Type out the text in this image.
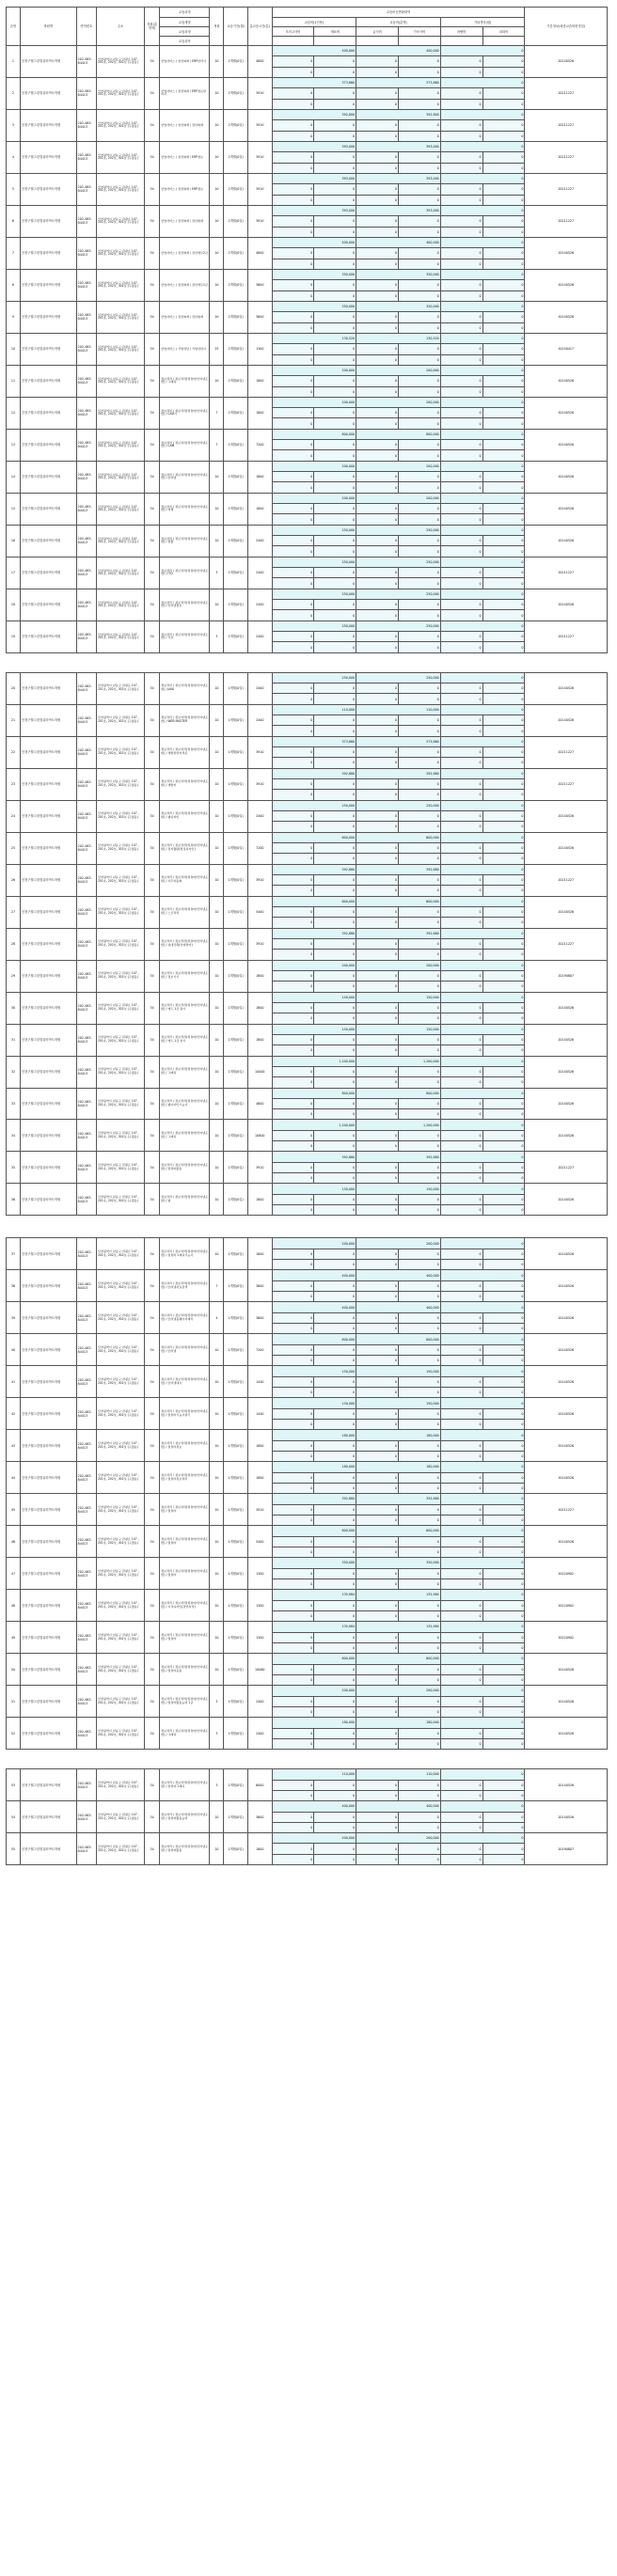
순번	학원명	면허번호	주소	정원(총면적)	교습과정	정원	교습기간(월)	총교습시간(분)	교습비등반환내역						기본정보(최종교습비변경일)
					교습계열				교습비(1인당)		교습비(총액)		기타경비(원)		
					교습과정				모의고사비	재료비	급식비	기숙사비	차량비	피복비	
					교습과목										
1	인천구월그린컴퓨터아트학원	202-463-84413	인천광역시 남동구 관평로 147 , 201호, 202호, 302호 (구월동)	34	산업서비스 / 전산회계 / ERP관리사	10	1개월(0일)	4800	400,000		400,000		0		20140526
									0	0	0	0	0	0	
									0	0	0	0	0	0	
2	인천구월그린컴퓨터아트학원	202-463-84413	인천광역시 남동구 관평로 147 , 201호, 202호, 302호 (구월동)	34	산업서비스 / 전산회계 / ERP정보관리사	10	1개월(0일)	3910	373,860		373,860		0		20211227
									0	0	0	0	0	0	
									0	0	0	0	0	0	
3	인천구월그린컴퓨터아트학원	202-463-84413	인천광역시 남동구 관평로 147 , 201호, 202호, 302호 (구월동)	34	산업서비스 / 전산회계 / 전산회계	10	1개월(0일)	3910	392,800		392,800		0		20211227
									0	0	0	0	0	0	
									0	0	0	0	0	0	
4	인천구월그린컴퓨터아트학원	202-463-84413	인천광역시 남동구 관평로 147 , 201호, 202호, 302호 (구월동)	34	산업서비스 / 전산회계 / ERP정보	10	1개월(0일)	3910	393,000		393,000		0		20211227
									0	0	0	0	0	0	
									0	0	0	0	0	0	
5	인천구월그린컴퓨터아트학원	202-463-84413	인천광역시 남동구 관평로 147 , 201호, 202호, 302호 (구월동)	34	산업서비스 / 전산회계 / ERP정보	10	1개월(0일)	3910	393,000		393,000		0		20211227
									0	0	0	0	0	0	
									0	0	0	0	0	0	
6	인천구월그린컴퓨터아트학원	202-463-84413	인천광역시 남동구 관평로 147 , 201호, 202호, 302호 (구월동)	34	산업서비스 / 전산회계 / 전산회계	10	1개월(0일)	3910	393,000		393,000		0		20211227
									0	0	0	0	0	0	
									0	0	0	0	0	0	
7	인천구월그린컴퓨터아트학원	202-463-84413	인천광역시 남동구 관평로 147 , 201호, 202호, 302호 (구월동)	34	산업서비스 / 전산회계 / 전산세무2급	10	1개월(0일)	4800	400,000		400,000		0		20140526
									0	0	0	0	0	0	
									0	0	0	0	0	0	
8	인천구월그린컴퓨터아트학원	202-463-84413	인천광역시 남동구 관평로 147 , 201호, 202호, 302호 (구월동)	34	산업서비스 / 전산회계 / 전산세무1급	10	1개월(0일)	3600	350,000		350,000		0		20140526
									0	0	0	0	0	0	
									0	0	0	0	0	0	
9	인천구월그린컴퓨터아트학원	202-463-84413	인천광역시 남동구 관평로 147 , 201호, 202호, 302호 (구월동)	34	산업서비스 / 전산회계 / 전산회계	10	1개월(0일)	3600	350,000		350,000		0		20140526
									0	0	0	0	0	0	
									0	0	0	0	0	0	
10	인천구월그린컴퓨터아트학원	202-463-84413	인천광역시 남동구 관평로 147 , 201호, 202호, 302호 (구월동)	34	산업서비스 / 직업상담 / 직업상담사	25	1개월(0일)	1300	130,520		130,520		0		20240417
									0	0	0	0	0	0	
									0	0	0	0	0	0	
11	인천구월그린컴퓨터아트학원	202-463-84413	인천광역시 남동구 관평로 147 , 201호, 202호, 302호 (구월동)	34	정보처리 / 정보처리(컴퓨터/인터넷포함) / 그래픽	10	1개월(0일)	1800	200,000		200,000		0		20140526
									0	0	0	0	0	0	
									0	0	0	0	0	0	
12	인천구월그린컴퓨터아트학원	202-463-84413	인천광역시 남동구 관평로 147 , 201호, 202호, 302호 (구월동)	34	정보처리 / 정보처리(컴퓨터/인터넷포함) / CAD기	7	1개월(0일)	1800	200,000		200,000		0		20140526
									0	0	0	0	0	0	
									0	0	0	0	0	0	
13	인천구월그린컴퓨터아트학원	202-463-84413	인천광역시 남동구 관평로 147 , 201호, 202호, 302호 (구월동)	34	정보처리 / 정보처리(컴퓨터/인터넷포함) / CAM	7	1개월(0일)	7200	800,000		800,000		0		20140526
									0	0	0	0	0	0	
									0	0	0	0	0	0	
14	인천구월그린컴퓨터아트학원	202-463-84413	인천광역시 남동구 관평로 147 , 201호, 202호, 302호 (구월동)	34	정보처리 / 정보처리(컴퓨터/인터넷포함) / 인터넷	10	1개월(0일)	1800	200,000		200,000		0		20140526
									0	0	0	0	0	0	
									0	0	0	0	0	0	
15	인천구월그린컴퓨터아트학원	202-463-84413	인천광역시 남동구 관평로 147 , 201호, 202호, 302호 (구월동)	34	정보처리 / 정보처리(컴퓨터/인터넷포함) / 엑셀	10	1개월(0일)	1800	200,000		200,000		0		20140526
									0	0	0	0	0	0	
									0	0	0	0	0	0	
16	인천구월그린컴퓨터아트학원	202-463-84413	인천광역시 남동구 관평로 147 , 201호, 202호, 302호 (구월동)	34	정보처리 / 정보처리(컴퓨터/인터넷포함) / 컴활	10	1개월(0일)	2400	250,000		250,000		0		20140526
									0	0	0	0	0	0	
									0	0	0	0	0	0	
17	인천구월그린컴퓨터아트학원	202-463-84413	인천광역시 남동구 관평로 147 , 201호, 202호, 302호 (구월동)	34	정보처리 / 정보처리(컴퓨터/인터넷포함) / ITQ	3	1개월(0일)	2400	250,000		250,000		0		20211227
									0	0	0	0	0	0	
									0	0	0	0	0	0	
18	인천구월그린컴퓨터아트학원	202-463-84413	인천광역시 남동구 관평로 147 , 201호, 202호, 302호 (구월동)	34	정보처리 / 정보처리(컴퓨터/인터넷포함) / 인터넷정보	10	1개월(0일)	2400	250,000		250,000		0		20140526
									0	0	0	0	0	0	
									0	0	0	0	0	0	
19	인천구월그린컴퓨터아트학원	202-463-84413	인천광역시 남동구 관평로 147 , 201호, 202호, 302호 (구월동)	34	정보처리 / 정보처리(컴퓨터/인터넷포함) / 기초	3	1개월(0일)	2400	250,000		250,000		0		20211227
									0	0	0	0	0	0	
									0	0	0	0	0	0	

20	인천구월그린컴퓨터아트학원	202-463-84413	인천광역시 남동구 관평로 147 , 201호, 202호, 302호 (구월동)	34	정보처리 / 정보처리(컴퓨터/인터넷포함) / JAVA	10	1개월(0일)	2400	250,000		250,000		0		20140526
									0	0	0	0	0	0	
									0	0	0	0	0	0	
21	인천구월그린컴퓨터아트학원	202-463-84413	인천광역시 남동구 관평로 147 , 201호, 202호, 302호 (구월동)	34	정보처리 / 정보처리(컴퓨터/인터넷포함) / WEB MASTER	10	1개월(0일)	2400	110,000		110,000		0		20140526
									0	0	0	0	0	0	
									0	0	0	0	0	0	
22	인천구월그린컴퓨터아트학원	202-463-84413	인천광역시 남동구 관평로 147 , 201호, 202호, 302호 (구월동)	34	정보처리 / 정보처리(컴퓨터/인터넷포함) / 개발관련자격증	10	1개월(0일)	3910	373,860		373,860		0		20211227
									0	0	0	0	0	0	
									0	0	0	0	0	0	
23	인천구월그린컴퓨터아트학원	202-463-84413	인천광역시 남동구 관평로 147 , 201호, 202호, 302호 (구월동)	34	정보처리 / 정보처리(컴퓨터/인터넷포함) / 개발자	10	1개월(0일)	3910	392,880		392,880		0		20211227
									0	0	0	0	0	0	
									0	0	0	0	0	0	
24	인천구월그린컴퓨터아트학원	202-463-84413	인천광역시 남동구 관평로 147 , 201호, 202호, 302호 (구월동)	34	정보처리 / 정보처리(컴퓨터/인터넷포함) / 웹디자인	10	1개월(0일)	2400	250,000		250,000		0		20140526
									0	0	0	0	0	0	
									0	0	0	0	0	0	
25	인천구월그린컴퓨터아트학원	202-463-84413	인천광역시 남동구 관평로 147 , 201호, 202호, 302호 (구월동)	34	정보처리 / 정보처리(컴퓨터/인터넷포함) / 전자출판(편집디자인)	10	1개월(0일)	7200	600,000		600,000		0		20140526
									0	0	0	0	0	0	
									0	0	0	0	0	0	
26	인천구월그린컴퓨터아트학원	202-463-84413	인천광역시 남동구 관평로 147 , 201호, 202호, 302호 (구월동)	34	정보처리 / 정보처리(컴퓨터/인터넷포함) / 사무자동화	10	1개월(0일)	3910	392,880		392,880		0		20211227
									0	0	0	0	0	0	
									0	0	0	0	0	0	
27	인천구월그린컴퓨터아트학원	202-463-84413	인천광역시 남동구 관평로 147 , 201호, 202호, 302호 (구월동)	34	정보처리 / 정보처리(컴퓨터/인터넷포함) / 스트럭처	10	1개월(0일)	5400	600,000		600,000		0		20140526
									0	0	0	0	0	0	
									0	0	0	0	0	0	
28	인천구월그린컴퓨터아트학원	202-463-84413	인천광역시 남동구 관평로 147 , 201호, 202호, 302호 (구월동)	34	정보처리 / 정보처리(컴퓨터/인터넷포함) / 실내건축(인테리어)	10	1개월(0일)	3910	392,880		392,880		0		20211227
									0	0	0	0	0	0	
									0	0	0	0	0	0	
29	인천구월그린컴퓨터아트학원	202-463-84413	인천광역시 남동구 관평로 147 , 201호, 202호, 302호 (구월동)	34	정보처리 / 정보처리(컴퓨터/인터넷포함) / 정보기기	10	1개월(0일)	1800	200,000		200,000		0		20190807
									0	0	0	0	0	0	
									0	0	0	0	0	0	
30	인천구월그린컴퓨터아트학원	202-463-84413	인천광역시 남동구 관평로 147 , 201호, 202호, 302호 (구월동)	34	정보처리 / 정보처리(컴퓨터/인터넷포함) / 캐드 1급 필기	10	1개월(0일)	1800	150,000		150,000		0		20140526
									0	0	0	0	0	0	
									0	0	0	0	0	0	
31	인천구월그린컴퓨터아트학원	202-463-84413	인천광역시 남동구 관평로 147 , 201호, 202호, 302호 (구월동)	34	정보처리 / 정보처리(컴퓨터/인터넷포함) / 캐드 1급 실기	10	1개월(0일)	1800	150,000		150,000		0		20140526
									0	0	0	0	0	0	
									0	0	0	0	0	0	
32	인천구월그린컴퓨터아트학원	202-463-84413	인천광역시 남동구 관평로 147 , 201호, 202호, 302호 (구월동)	34	정보처리 / 정보처리(컴퓨터/인터넷포함) / 그래픽	10	1개월(0일)	10000	1,200,000		1,200,000		0		20140526
									0	0	0	0	0	0	
									0	0	0	0	0	0	
33	인천구월그린컴퓨터아트학원	202-463-84413	인천광역시 남동구 관평로 147 , 201호, 202호, 302호 (구월동)	34	정보처리 / 정보처리(컴퓨터/인터넷포함) / 웹디자인기능사	10	1개월(0일)	4800	800,000		800,000		0		20140526
									0	0	0	0	0	0	
									0	0	0	0	0	0	
34	인천구월그린컴퓨터아트학원	202-463-84413	인천광역시 남동구 관평로 147 , 201호, 202호, 302호 (구월동)	34	정보처리 / 정보처리(컴퓨터/인터넷포함) / 그래픽	10	1개월(0일)	10800	1,200,000		1,200,000		0		20140526
									0	0	0	0	0	0	
									0	0	0	0	0	0	
35	인천구월그린컴퓨터아트학원	202-463-84413	인천광역시 남동구 관평로 147 , 201호, 202호, 302호 (구월동)	34	정보처리 / 정보처리(컴퓨터/인터넷포함) / 컴퓨터활용	10	1개월(0일)	3910	392,880		392,880		0		20211227
									0	0	0	0	0	0	
									0	0	0	0	0	0	
36	인천구월그린컴퓨터아트학원	202-463-84413	인천광역시 남동구 관평로 147 , 201호, 202호, 302호 (구월동)	34	정보처리 / 정보처리(컴퓨터/인터넷포함) / 웹	10	1개월(0일)	1800	150,000		150,000		0		20140526
									0	0	0	0	0	0	
									0	0	0	0	0	0	

37	인천구월그린컴퓨터아트학원	202-463-84413	인천광역시 남동구 관평로 147 , 201호, 202호, 302호 (구월동)	34	정보처리 / 정보처리(컴퓨터/인터넷포함) / 컴퓨터그래픽기능사	10	1개월(0일)	1800	200,000		200,000		0		20140526
									0	0	0	0	0	0	
									0	0	0	0	0	0	
38	인천구월그린컴퓨터아트학원	202-463-84413	인천광역시 남동구 관평로 147 , 201호, 202호, 302호 (구월동)	34	정보처리 / 정보처리(컴퓨터/인터넷포함) / 인터넷자료검색	7	1개월(0일)	3600	400,000		400,000		0		20140526
									0	0	0	0	0	0	
									0	0	0	0	0	0	
39	인천구월그린컴퓨터아트학원	202-463-84413	인천광역시 남동구 관평로 147 , 201호, 202호, 302호 (구월동)	34	정보처리 / 정보처리(컴퓨터/인터넷포함) / 인터넷홈페이지제작	4	1개월(0일)	3600	400,000		400,000		0		20140526
									0	0	0	0	0	0	
									0	0	0	0	0	0	
40	인천구월그린컴퓨터아트학원	202-463-84413	인천광역시 남동구 관평로 147 , 201호, 202호, 302호 (구월동)	34	정보처리 / 정보처리(컴퓨터/인터넷포함) / 인터넷	10	1개월(0일)	7200	800,000		800,000		0		20140526
									0	0	0	0	0	0	
									0	0	0	0	0	0	
41	인천구월그린컴퓨터아트학원	202-463-84413	인천광역시 남동구 관평로 147 , 201호, 202호, 302호 (구월동)	34	정보처리 / 정보처리(컴퓨터/인터넷포함) / 인터넷대사	10	1개월(0일)	1440	150,000		150,000		0		20140526
									0	0	0	0	0	0	
									0	0	0	0	0	0	
42	인천구월그린컴퓨터아트학원	202-463-84413	인천광역시 남동구 관평로 147 , 201호, 202호, 302호 (구월동)	34	정보처리 / 정보처리(컴퓨터/인터넷포함) / 컴퓨터기능사필기	10	1개월(0일)	1440	150,000		150,000		0		20140526
									0	0	0	0	0	0	
									0	0	0	0	0	0	
43	인천구월그린컴퓨터아트학원	202-463-84413	인천광역시 남동구 관평로 147 , 201호, 202호, 302호 (구월동)	34	정보처리 / 정보처리(컴퓨터/인터넷포함) / 컴퓨터정보	10	1개월(0일)	1800	180,000		180,000		0		20140526
									0	0	0	0	0	0	
									0	0	0	0	0	0	
44	인천구월그린컴퓨터아트학원	202-463-84413	인천광역시 남동구 관평로 147 , 201호, 202호, 302호 (구월동)	34	정보처리 / 정보처리(컴퓨터/인터넷포함) / 컴퓨터정보처리	10	1개월(0일)	1800	180,000		180,000		0		20140526
									0	0	0	0	0	0	
									0	0	0	0	0	0	
45	인천구월그린컴퓨터아트학원	202-463-84413	인천광역시 남동구 관평로 147 , 201호, 202호, 302호 (구월동)	34	정보처리 / 정보처리(컴퓨터/인터넷포함) / 컴퓨터	10	1개월(0일)	3910	392,880		392,880		0		20211227
									0	0	0	0	0	0	
									0	0	0	0	0	0	
46	인천구월그린컴퓨터아트학원	202-463-84413	인천광역시 남동구 관평로 147 , 201호, 202호, 302호 (구월동)	34	정보처리 / 정보처리(컴퓨터/인터넷포함) / 컴퓨터	10	1개월(0일)	5400	600,000		600,000		0		20140526
									0	0	0	0	0	0	
									0	0	0	0	0	0	
47	인천구월그린컴퓨터아트학원	202-463-84413	인천광역시 남동구 관평로 147 , 201호, 202호, 302호 (구월동)	34	정보처리 / 정보처리(컴퓨터/인터넷포함) / 컴퓨터	10	1개월(0일)	1300	350,000		350,000		0		20220902
									0	0	0	0	0	0	
									0	0	0	0	0	0	
48	인천구월그린컴퓨터아트학원	202-463-84413	인천광역시 남동구 관평로 147 , 201호, 202호, 302호 (구월동)	34	정보처리 / 정보처리(컴퓨터/인터넷포함) / 시각디자인(관련자격)	10	1개월(0일)	1300	135,984		135,984		0		20220902
									0	0	0	0	0	0	
									0	0	0	0	0	0	
49	인천구월그린컴퓨터아트학원	202-463-84413	인천광역시 남동구 관평로 147 , 201호, 202호, 302호 (구월동)	34	정보처리 / 정보처리(컴퓨터/인터넷포함) / 컴퓨터	10	1개월(0일)	1300	135,984		135,984		0		20220902
									0	0	0	0	0	0	
									0	0	0	0	0	0	
50	인천구월그린컴퓨터아트학원	202-463-84413	인천광역시 남동구 관평로 147 , 201호, 202호, 302호 (구월동)	34	정보처리 / 정보처리(컴퓨터/인터넷포함) / 컴퓨터응용	10	1개월(0일)	10080	600,000		600,000		0		20140526
									0	0	0	0	0	0	
									0	0	0	0	0	0	
51	인천구월그린컴퓨터아트학원	202-463-84413	인천광역시 남동구 관평로 147 , 201호, 202호, 302호 (구월동)	34	정보처리 / 정보처리(컴퓨터/인터넷포함) / 컴퓨터활용능력 1급	3	1개월(0일)	2400	200,000		200,000		0		20140526
									0	0	0	0	0	0	
									0	0	0	0	0	0	
52	인천구월그린컴퓨터아트학원	202-463-84413	인천광역시 남동구 관평로 147 , 201호, 202호, 302호 (구월동)	34	정보처리 / 정보처리(컴퓨터/인터넷포함) / 그래픽	3	1개월(0일)	2400	180,000		180,000		0		20140526
									0	0	0	0	0	0	
									0	0	0	0	0	0	

53	인천구월그린컴퓨터아트학원	202-463-84413	인천광역시 남동구 관평로 147 , 201호, 202호, 302호 (구월동)	34	정보처리 / 정보처리(컴퓨터/인터넷포함) / 컴퓨터그래픽	3	1개월(0일)	6000	110,000		110,000		0		20140526
									0	0	0	0	0	0	
									0	0	0	0	0	0	
54	인천구월그린컴퓨터아트학원	202-463-84413	인천광역시 남동구 관평로 147 , 201호, 202호, 302호 (구월동)	34	정보처리 / 정보처리(컴퓨터/인터넷포함) / 컴퓨터활용능력	10	1개월(0일)	3600	400,000		400,000		0		20140526
									0	0	0	0	0	0	
									0	0	0	0	0	0	
55	인천구월그린컴퓨터아트학원	202-463-84413	인천광역시 남동구 관평로 147 , 201호, 202호, 302호 (구월동)	34	정보처리 / 정보처리(컴퓨터/인터넷포함) / 컴퓨터활용	10	1개월(0일)	1800	200,000		200,000		0		20190807
									0	0	0	0	0	0	
									0	0	0	0	0	0	
